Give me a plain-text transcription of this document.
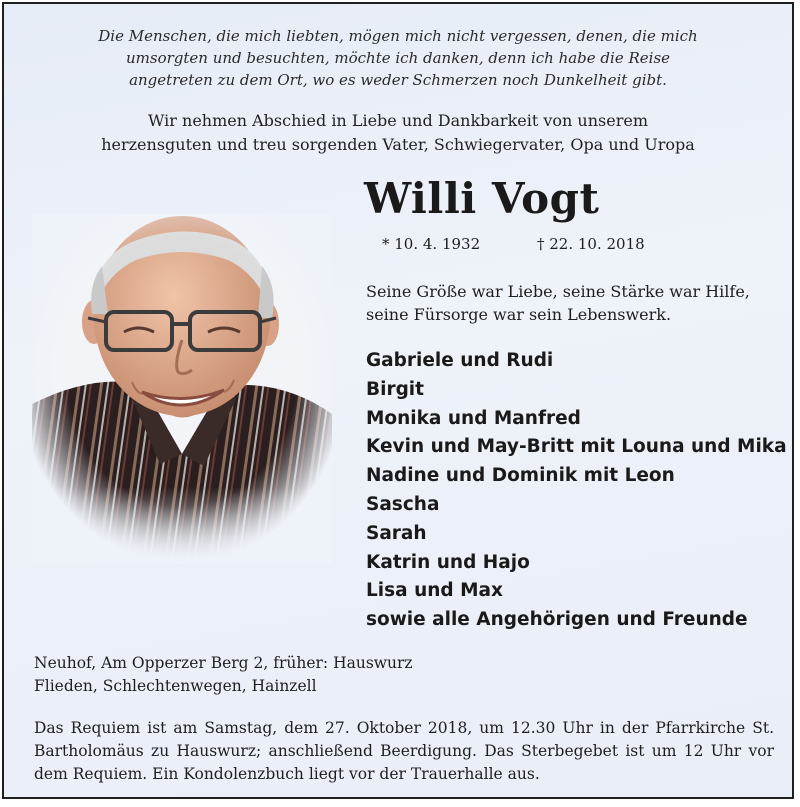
Die Menschen, die mich liebten, mögen mich nicht vergessen, denen, die mich
umsorgten und besuchten, möchte ich danken, denn ich habe die Reise
angetreten zu dem Ort, wo es weder Schmerzen noch Dunkelheit gibt.
Wir nehmen Abschied in Liebe und Dankbarkeit von unserem
herzensguten und treu sorgenden Vater, Schwiegervater, Opa und Uropa
Willi Vogt
* 10. 4. 1932	† 22. 10. 2018
Seine Größe war Liebe, seine Stärke war Hilfe,
seine Fürsorge war sein Lebenswerk.
Gabriele und Rudi
Birgit
Monika und Manfred
Kevin und May-Britt mit Louna und Mika
Nadine und Dominik mit Leon
Sascha
Sarah
Katrin und Hajo
Lisa und Max
sowie alle Angehörigen und Freunde
Neuhof, Am Opperzer Berg 2, früher: Hauswurz
Flieden, Schlechtenwegen, Hainzell
Das Requiem ist am Samstag, dem 27. Oktober 2018, um 12.30 Uhr in der Pfarrkirche St. Bartholomäus zu Hauswurz; anschließend Beerdigung. Das Sterbegebet ist um 12 Uhr vor dem Requiem. Ein Kondolenzbuch liegt vor der Trauerhalle aus.
